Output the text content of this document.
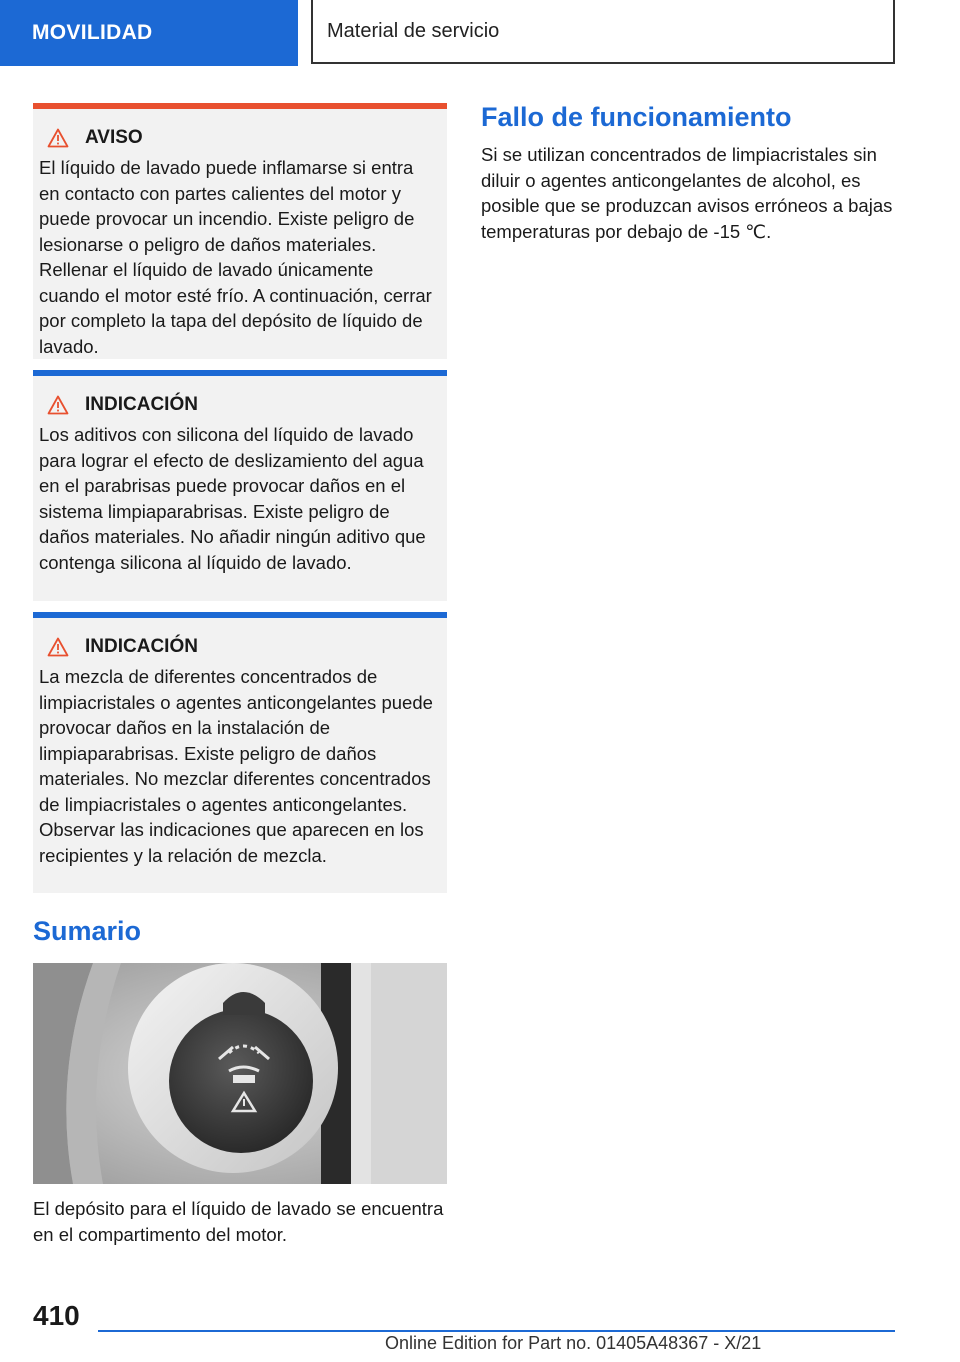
MOVILIDAD	Material de servicio
AVISO
El líquido de lavado puede inflamarse si entra en contacto con partes calientes del motor y puede provocar un incendio. Existe peligro de lesionarse o peligro de daños materiales. Rellenar el líquido de lavado únicamente cuando el motor esté frío. A continuación, cerrar por completo la tapa del depósito de líquido de lavado.
INDICACIÓN
Los aditivos con silicona del líquido de lavado para lograr el efecto de deslizamiento del agua en el parabrisas puede provocar daños en el sistema limpiaparabrisas. Existe peligro de daños materiales. No añadir ningún aditivo que contenga silicona al líquido de lavado.
INDICACIÓN
La mezcla de diferentes concentrados de limpiacristales o agentes anticongelantes puede provocar daños en la instalación de limpiaparabrisas. Existe peligro de daños materiales. No mezclar diferentes concentrados de limpiacristales o agentes anticongelantes. Observar las indicaciones que aparecen en los recipientes y la relación de mezcla.
Sumario
El depósito para el líquido de lavado se encuentra en el compartimento del motor.
Fallo de funcionamiento
Si se utilizan concentrados de limpiacristales sin diluir o agentes anticongelantes de alcohol, es posible que se produzcan avisos erróneos a bajas temperaturas por debajo de -15 ℃.
410
Online Edition for Part no. 01405A48367 - X/21
